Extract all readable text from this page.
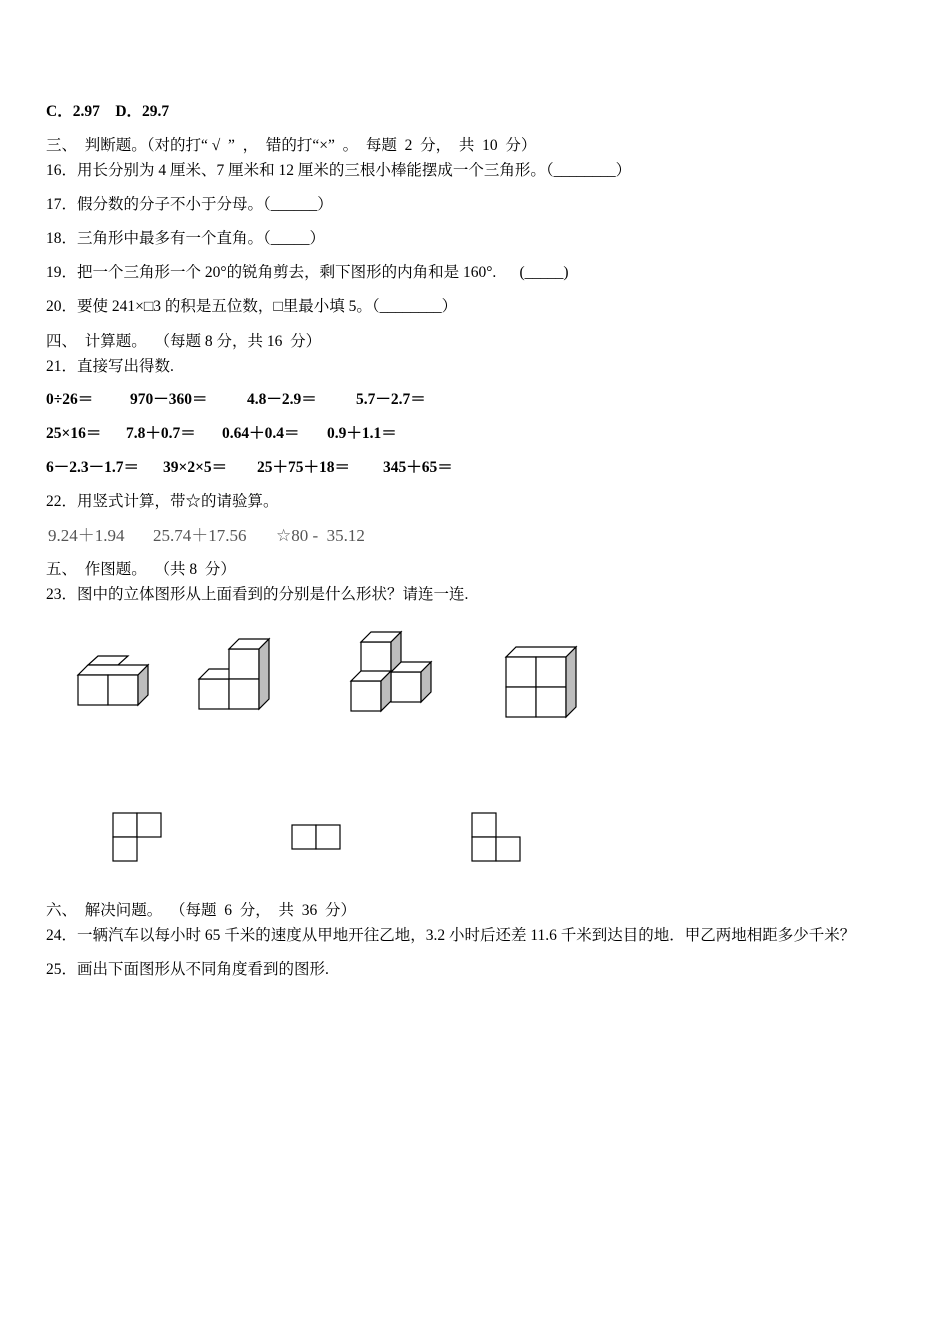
C．2.97    D．29.7
三、  判断题。（对的打“ √  ”  ，  错的打“×”  。  每题  2  分，  共  10  分）
16．用长分别为 4 厘米、7 厘米和 12 厘米的三根小棒能摆成一个三角形。（________）
17．假分数的分子不小于分母。（______）
18．三角形中最多有一个直角。（_____）
19．把一个三角形一个 20°的锐角剪去，剩下图形的内角和是 160°.      (_____)
20．要使 241×□3 的积是五位数，□里最小填 5。（________）
四、  计算题。  （每题 8 分，共 16  分）
21．直接写出得数.
0÷26＝ 970－360＝	4.8－2.9＝	5.7－2.7＝
25×16＝ 7.8＋0.7＝ 0.64＋0.4＝ 0.9＋1.1＝
6－2.3－1.7＝ 39×2×5＝ 25＋75＋18＝ 345＋65＝
22．用竖式计算，带☆的请验算。
9.24＋1.94 25.74＋17.56 ☆80 -  35.12
五、  作图题。  （共 8  分）
23．图中的立体图形从上面看到的分别是什么形状？请连一连.
六、  解决问题。  （每题  6  分，  共  36  分）
24．一辆汽车以每小时 65 千米的速度从甲地开往乙地，3.2 小时后还差 11.6 千米到达目的地．甲乙两地相距多少千米？
25．画出下面图形从不同角度看到的图形.
